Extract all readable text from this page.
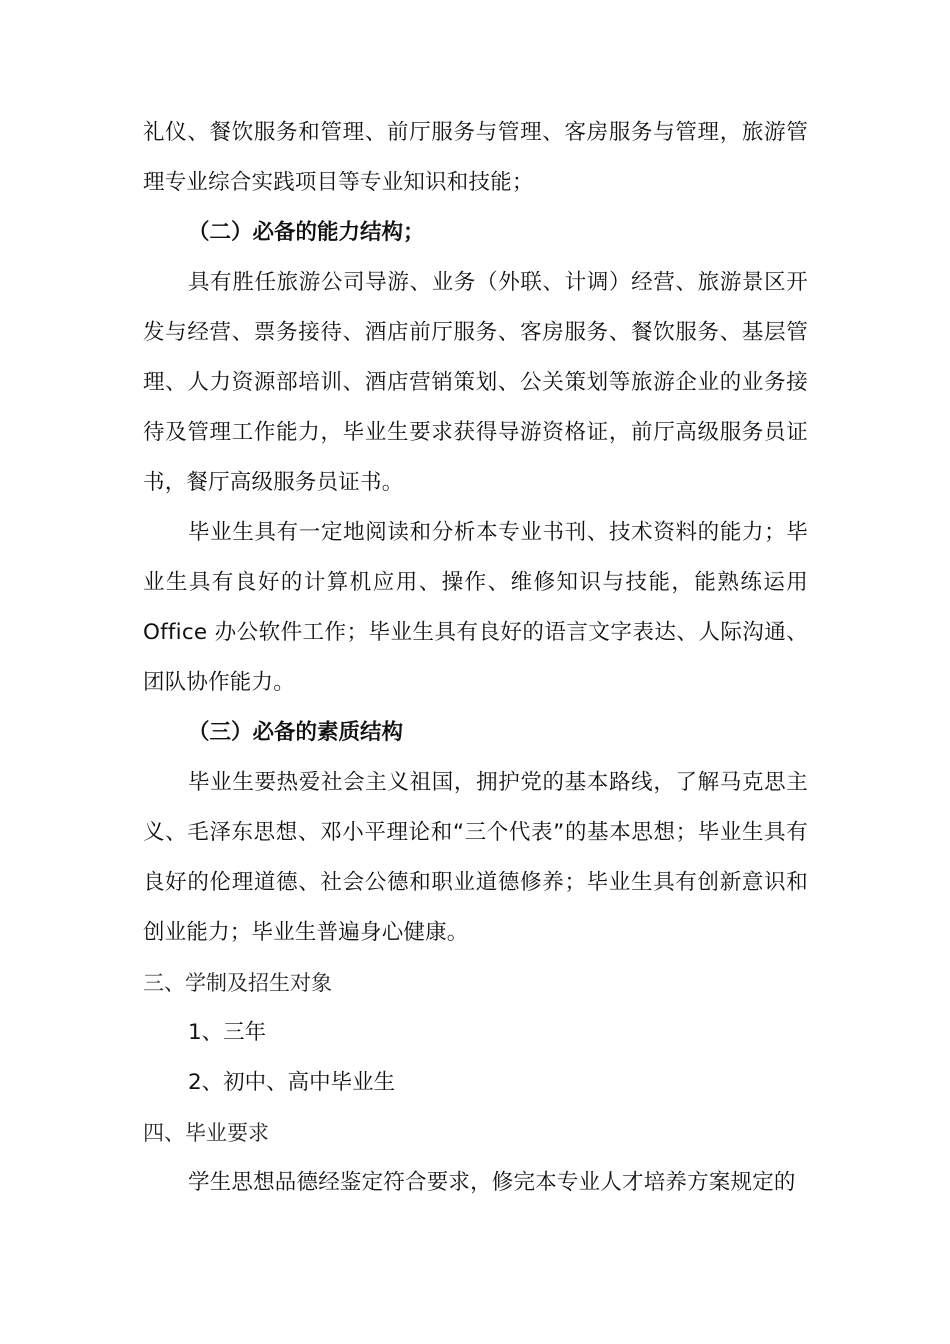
礼仪、餐饮服务和管理、前厅服务与管理、客房服务与管理，旅游管理专业综合实践项目等专业知识和技能；

（二）必备的能力结构；

具有胜任旅游公司导游、业务（外联、计调）经营、旅游景区开发与经营、票务接待、酒店前厅服务、客房服务、餐饮服务、基层管理、人力资源部培训、酒店营销策划、公关策划等旅游企业的业务接待及管理工作能力，毕业生要求获得导游资格证，前厅高级服务员证书，餐厅高级服务员证书。

毕业生具有一定地阅读和分析本专业书刊、技术资料的能力；毕业生具有良好的计算机应用、操作、维修知识与技能，能熟练运用Office 办公软件工作；毕业生具有良好的语言文字表达、人际沟通、团队协作能力。

（三）必备的素质结构

毕业生要热爱社会主义祖国，拥护党的基本路线，了解马克思主义、毛泽东思想、邓小平理论和“三个代表”的基本思想；毕业生具有良好的伦理道德、社会公德和职业道德修养；毕业生具有创新意识和创业能力；毕业生普遍身心健康。

三、学制及招生对象

1、三年

2、初中、高中毕业生

四、毕业要求

学生思想品德经鉴定符合要求，修完本专业人才培养方案规定的
